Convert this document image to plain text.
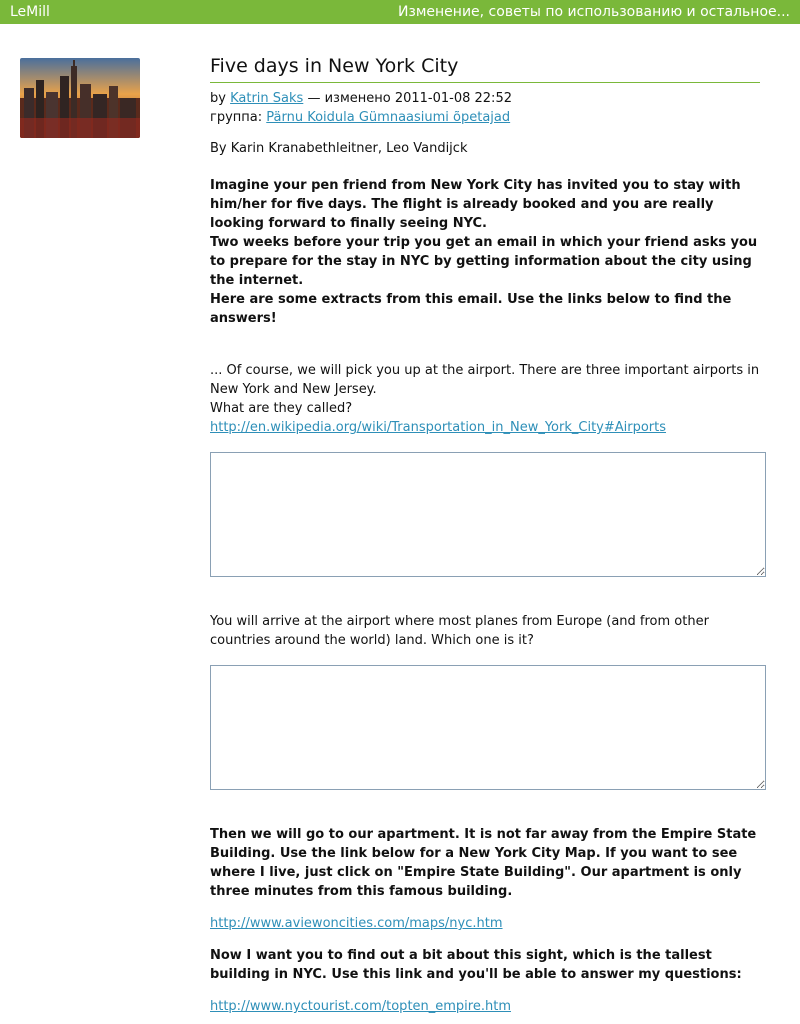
LeMill	Изменение, советы по использованию и остальное...
Five days in New York City
by Katrin Saks — изменено 2011-01-08 22:52
группа: Pärnu Koidula Gümnaasiumi õpetajad

By Karin Kranabethleitner, Leo Vandijck

Imagine your pen friend from New York City has invited you to stay with him/her for five days. The flight is already booked and you are really looking forward to finally seeing NYC.

Two weeks before your trip you get an email in which your friend asks you to prepare for the stay in NYC by getting information about the city using the internet.

Here are some extracts from this email. Use the links below to find the answers!

... Of course, we will pick you up at the airport. There are three important airports in New York and New Jersey.

What are they called?

http://en.wikipedia.org/wiki/Transportation_in_New_York_City#Airports

You will arrive at the airport where most planes from Europe (and from other countries around the world) land. Which one is it?

Then we will go to our apartment. It is not far away from the Empire State Building. Use the link below for a New York City Map. If you want to see where I live, just click on "Empire State Building". Our apartment is only three minutes from this famous building.

http://www.aviewoncities.com/maps/nyc.htm

Now I want you to find out a bit about this sight, which is the tallest building in NYC. Use this link and you'll be able to answer my questions:

http://www.nyctourist.com/topten_empire.htm
